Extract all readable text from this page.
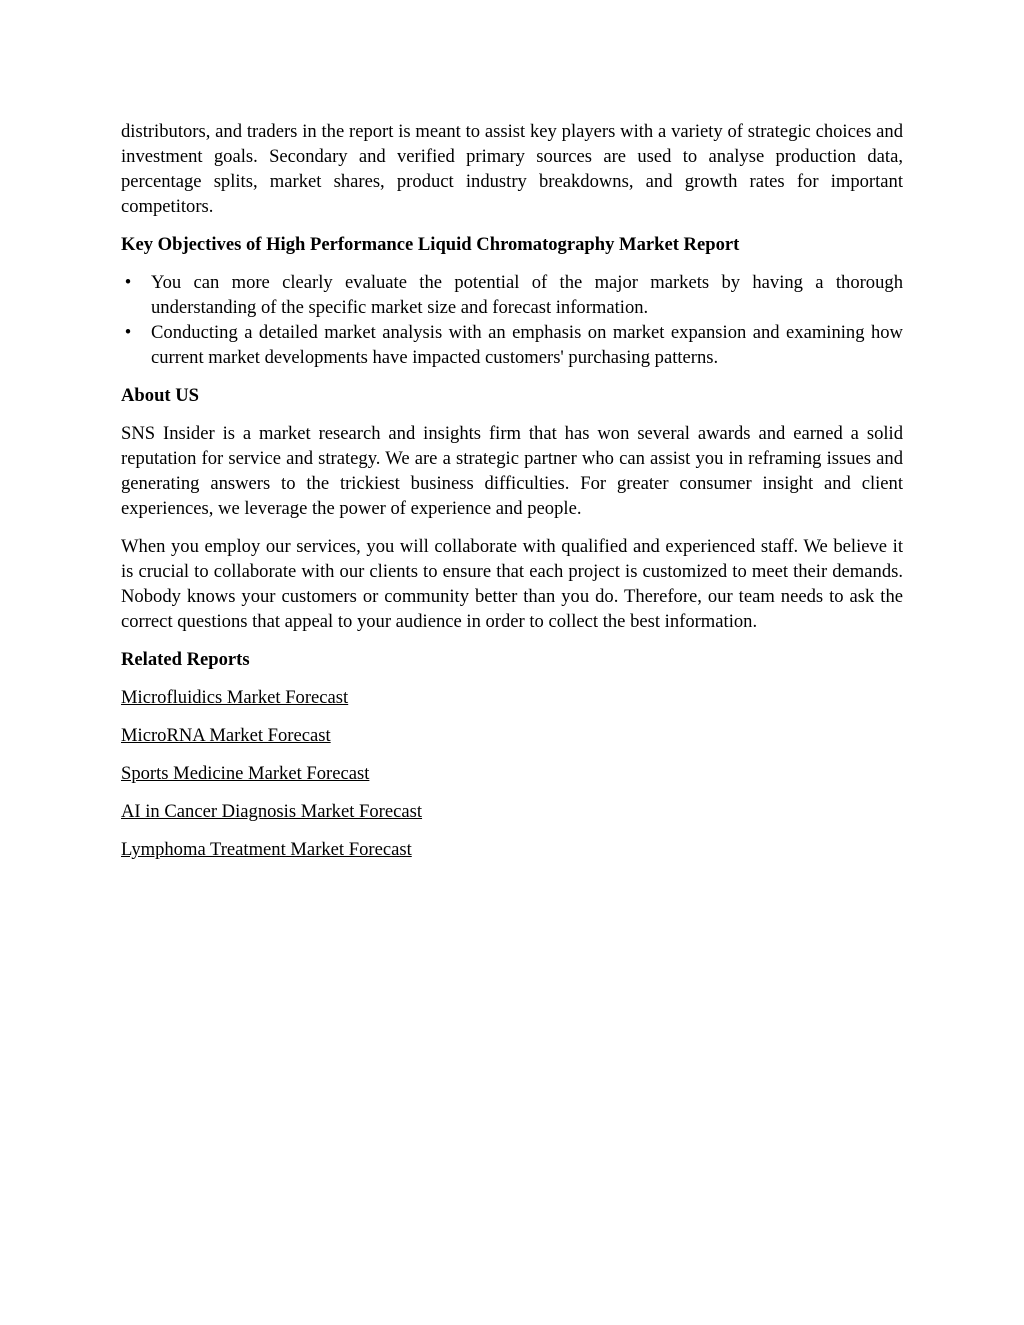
distributors, and traders in the report is meant to assist key players with a variety of strategic choices and investment goals. Secondary and verified primary sources are used to analyse production data, percentage splits, market shares, product industry breakdowns, and growth rates for important competitors.

Key Objectives of High Performance Liquid Chromatography Market Report

• You can more clearly evaluate the potential of the major markets by having a thorough understanding of the specific market size and forecast information.
• Conducting a detailed market analysis with an emphasis on market expansion and examining how current market developments have impacted customers' purchasing patterns.

About US

SNS Insider is a market research and insights firm that has won several awards and earned a solid reputation for service and strategy. We are a strategic partner who can assist you in reframing issues and generating answers to the trickiest business difficulties. For greater consumer insight and client experiences, we leverage the power of experience and people.

When you employ our services, you will collaborate with qualified and experienced staff. We believe it is crucial to collaborate with our clients to ensure that each project is customized to meet their demands. Nobody knows your customers or community better than you do. Therefore, our team needs to ask the correct questions that appeal to your audience in order to collect the best information.

Related Reports

Microfluidics Market Forecast

MicroRNA Market Forecast

Sports Medicine Market Forecast

AI in Cancer Diagnosis Market Forecast

Lymphoma Treatment Market Forecast
